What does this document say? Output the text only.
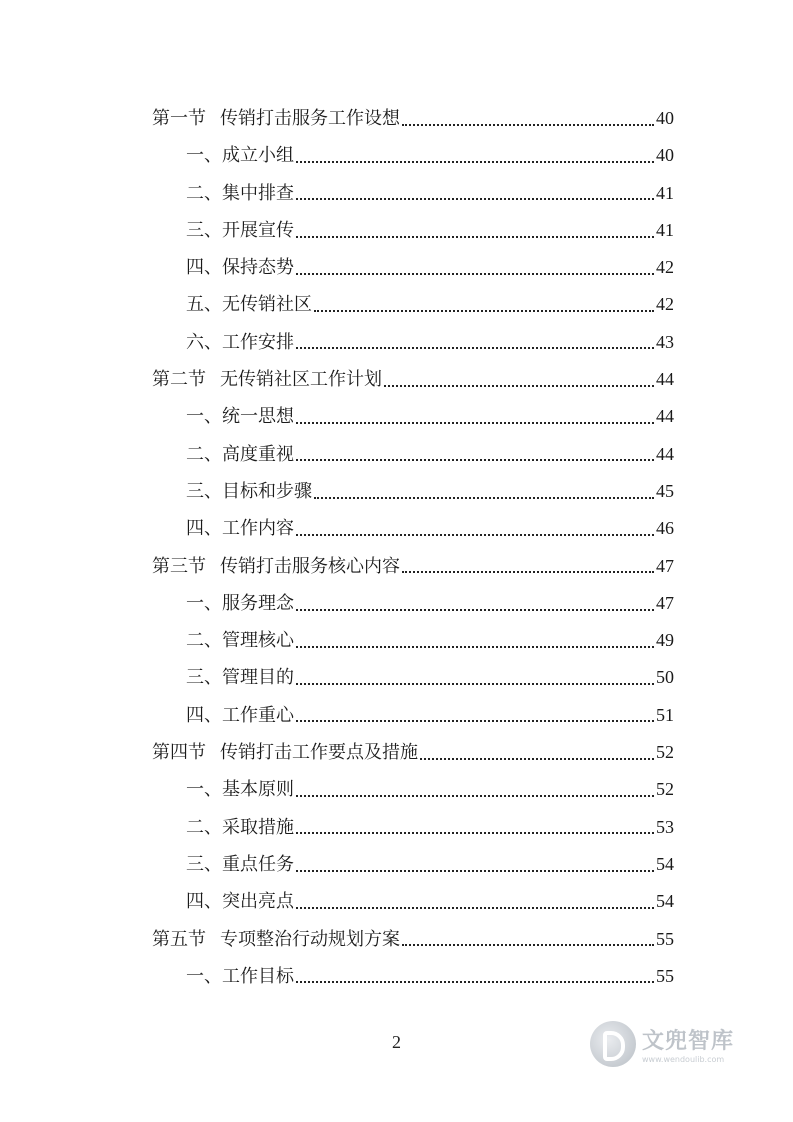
第一节 传销打击服务工作设想	40
一、成立小组	40
二、集中排查	41
三、开展宣传	41
四、保持态势	42
五、无传销社区	42
六、工作安排	43
第二节 无传销社区工作计划	44
一、统一思想	44
二、高度重视	44
三、目标和步骤	45
四、工作内容	46
第三节 传销打击服务核心内容	47
一、服务理念	47
二、管理核心	49
三、管理目的	50
四、工作重心	51
第四节 传销打击工作要点及措施	52
一、基本原则	52
二、采取措施	53
三、重点任务	54
四、突出亮点	54
第五节 专项整治行动规划方案	55
一、工作目标	55
2	文兜智库
www.wendoulib.com
